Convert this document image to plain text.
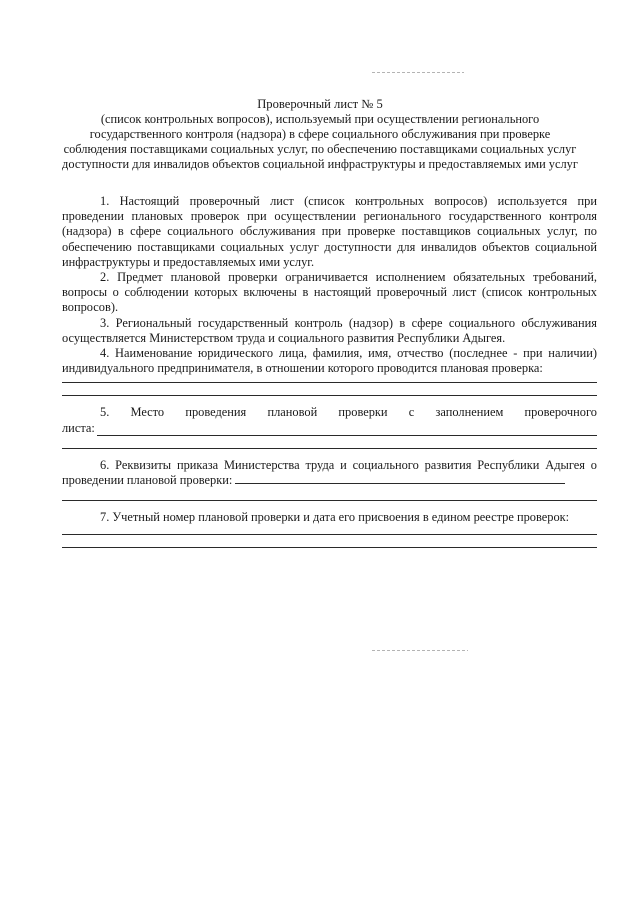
Проверочный лист № 5
(список контрольных вопросов), используемый при осуществлении регионального
государственного контроля (надзора) в сфере социального обслуживания при проверке
соблюдения поставщиками социальных услуг, по обеспечению поставщиками социальных услуг
доступности для инвалидов объектов социальной инфраструктуры и предоставляемых ими услуг

1. Настоящий проверочный лист (список контрольных вопросов) используется при проведении плановых проверок при осуществлении регионального государственного контроля (надзора) в сфере социального обслуживания при проверке поставщиков социальных услуг, по обеспечению поставщиками социальных услуг доступности для инвалидов объектов социальной инфраструктуры и предоставляемых ими услуг.

2. Предмет плановой проверки ограничивается исполнением обязательных требований, вопросы о соблюдении которых включены в настоящий проверочный лист (список контрольных вопросов).

3. Региональный государственный контроль (надзор) в сфере социального обслуживания осуществляется Министерством труда и социального развития Республики Адыгея.

4. Наименование юридического лица, фамилия, имя, отчество (последнее - при наличии) индивидуального предпринимателя, в отношении которого проводится плановая проверка:

5. Место проведения плановой проверки с заполнением проверочного
листа:

6. Реквизиты приказа Министерства труда и социального развития Республики Адыгея о проведении плановой проверки:

7. Учетный номер плановой проверки и дата его присвоения в едином реестре проверок:
